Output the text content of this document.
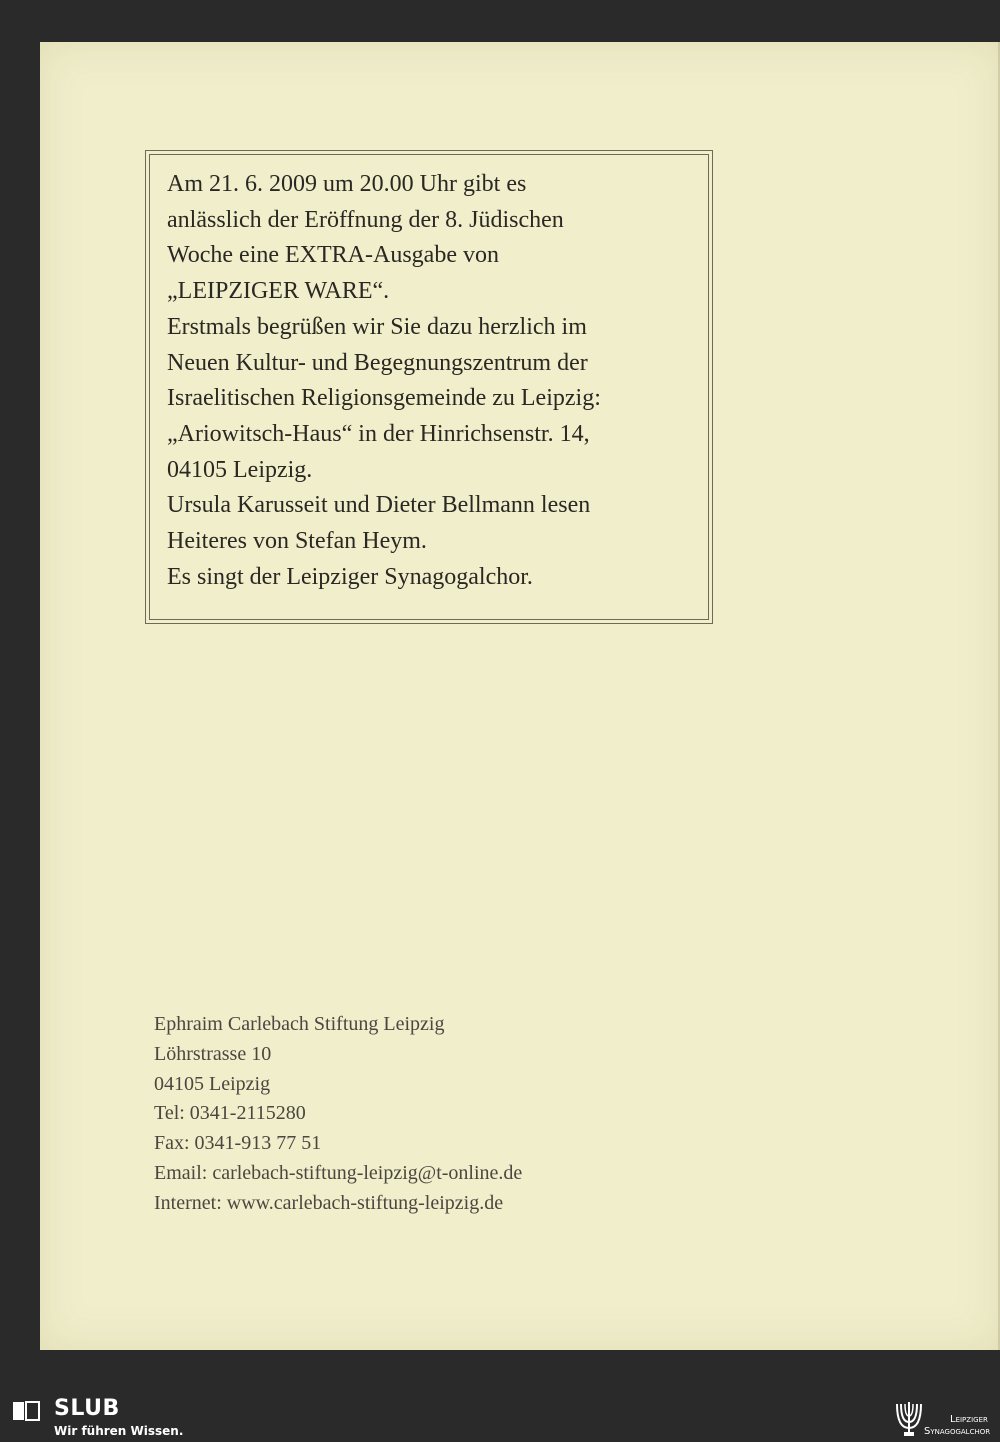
Am 21. 6. 2009 um 20.00 Uhr gibt es
anlässlich der Eröffnung der 8. Jüdischen
Woche eine EXTRA-Ausgabe von
„LEIPZIGER WARE“.
Erstmals begrüßen wir Sie dazu herzlich im
Neuen Kultur- und Begegnungszentrum der
Israelitischen Religionsgemeinde zu Leipzig:
„Ariowitsch-Haus“ in der Hinrichsenstr. 14,
04105 Leipzig.
Ursula Karusseit und Dieter Bellmann lesen
Heiteres von Stefan Heym.
Es singt der Leipziger Synagogalchor.
Ephraim Carlebach Stiftung Leipzig
Löhrstrasse 10
04105 Leipzig
Tel: 0341-2115280
Fax: 0341-913 77 51
Email: carlebach-stiftung-leipzig@t-online.de
Internet: www.carlebach-stiftung-leipzig.de
SLUB
Wir führen Wissen.
Leipziger
Synagogalchor
